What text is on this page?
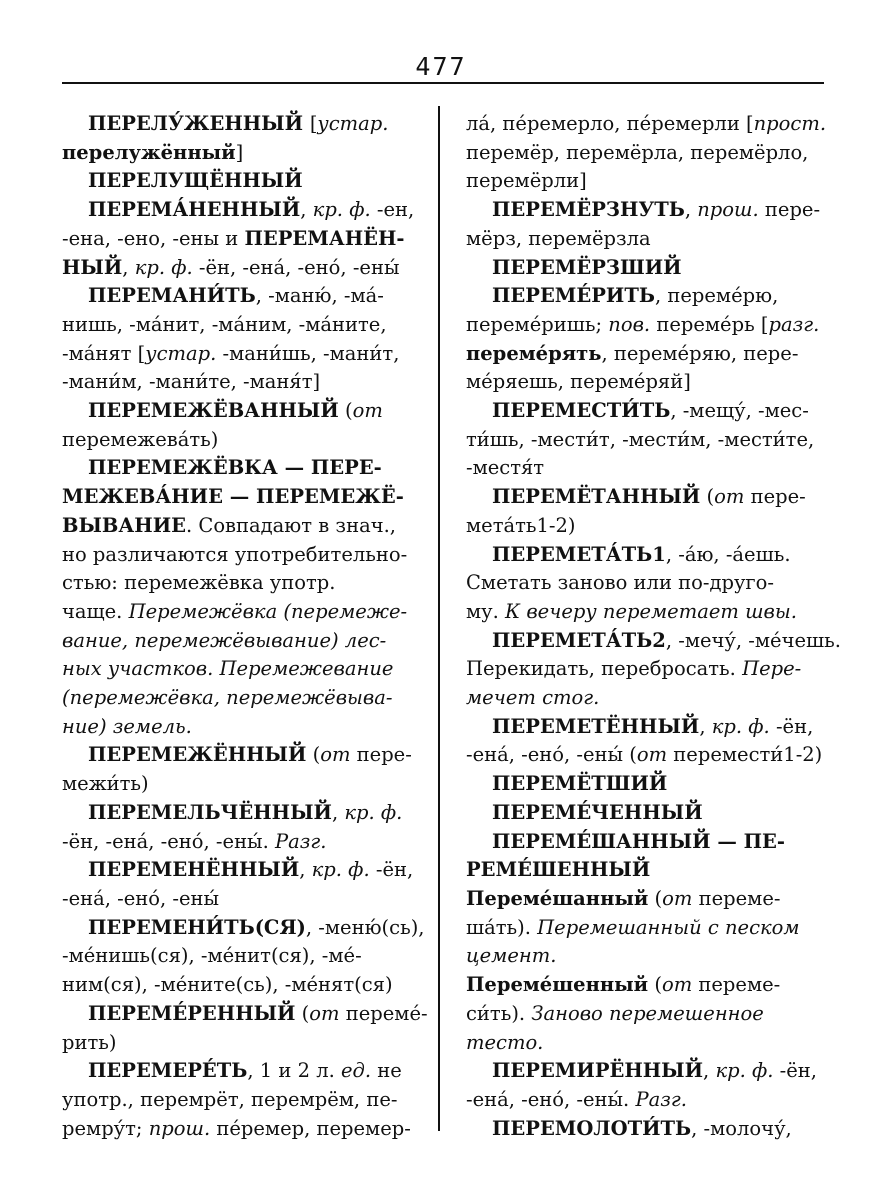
477
ПЕРЕЛУ́ЖЕННЫЙ [устар.
перелужённый]
ПЕРЕЛУЩЁННЫЙ
ПЕРЕМА́НЕННЫЙ, кр. ф. -ен,
-ена, -ено, -ены и ПЕРЕМАНЁН-
НЫЙ, кр. ф. -ён, -ена́, -ено́, -ены́
ПЕРЕМАНИ́ТЬ, -маню́, -ма́-
нишь, -ма́нит, -ма́ним, -ма́ните,
-ма́нят [устар. -мани́шь, -мани́т,
-мани́м, -мани́те, -маня́т]
ПЕРЕМЕЖЁВАННЫЙ (от
перемежева́ть)
ПЕРЕМЕЖЁВКА — ПЕРЕ-
МЕЖЕВА́НИЕ — ПЕРЕМЕЖЁ-
ВЫВАНИЕ. Совпадают в знач.,
но различаются употребительно-
стью: перемежёвка употр.
чаще. Перемежёвка (перемеже-
вание, перемежёвывание) лес-
ных участков. Перемежевание
(перемежёвка, перемежёвыва-
ние) земель.
ПЕРЕМЕЖЁННЫЙ (от пере-
межи́ть)
ПЕРЕМЕЛЬЧЁННЫЙ, кр. ф.
-ён, -ена́, -ено́, -ены́. Разг.
ПЕРЕМЕНЁННЫЙ, кр. ф. -ён,
-ена́, -ено́, -ены́
ПЕРЕМЕНИ́ТЬ(СЯ), -меню́(сь),
-ме́нишь(ся), -ме́нит(ся), -ме́-
ним(ся), -ме́ните(сь), -ме́нят(ся)
ПЕРЕМЕ́РЕННЫЙ (от переме́-
рить)
ПЕРЕМЕРЕ́ТЬ, 1 и 2 л. ед. не
употр., перемрёт, перемрём, пе-
ремру́т; прош. пе́ремер, перемер-
ла́, пе́ремерло, пе́ремерли [прост.
перемёр, перемёрла, перемёрло,
перемёрли]
ПЕРЕМЁРЗНУТЬ, прош. пере-
мёрз, перемёрзла
ПЕРЕМЁРЗШИЙ
ПЕРЕМЕ́РИТЬ, переме́рю,
переме́ришь; пов. переме́рь [разг.
переме́рять, переме́ряю, пере-
ме́ряешь, переме́ряй]
ПЕРЕМЕСТИ́ТЬ, -мещу́, -мес-
ти́шь, -мести́т, -мести́м, -мести́те,
-местя́т
ПЕРЕМЁТАННЫЙ (от пере-
мета́ть1-2)
ПЕРЕМЕТА́ТЬ1, -а́ю, -а́ешь.
Сметать заново или по-друго-
му. К вечеру переметает швы.
ПЕРЕМЕТА́ТЬ2, -мечу́, -ме́чешь.
Перекидать, перебросать. Пере-
мечет стог.
ПЕРЕМЕТЁННЫЙ, кр. ф. -ён,
-ена́, -ено́, -ены́ (от перемести́1-2)
ПЕРЕМЁТШИЙ
ПЕРЕМЕ́ЧЕННЫЙ
ПЕРЕМЕ́ШАННЫЙ — ПЕ-
РЕМЕ́ШЕННЫЙ
Переме́шанный (от переме-
ша́ть). Перемешанный с песком
цемент.
Переме́шенный (от переме-
си́ть). Заново перемешенное
тесто.
ПЕРЕМИРЁННЫЙ, кр. ф. -ён,
-ена́, -ено́, -ены́. Разг.
ПЕРЕМОЛОТИ́ТЬ, -молочу́,
